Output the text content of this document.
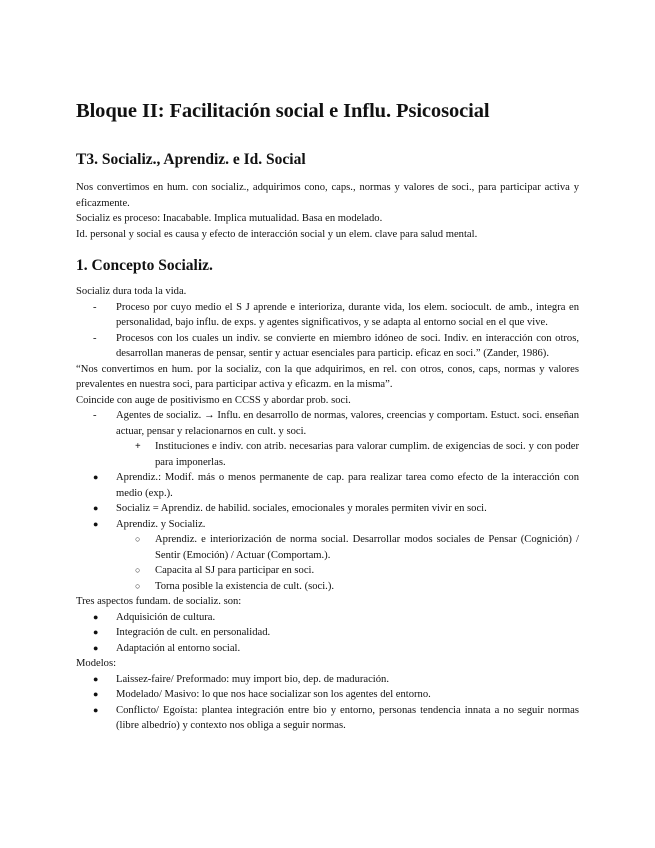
Bloque II: Facilitación social e Influ. Psicosocial
T3. Socializ., Aprendiz. e Id. Social

Nos convertimos en hum. con socializ., adquirimos cono, caps., normas y valores de soci., para participar activa y eficazmente.

Socializ es proceso: Inacabable. Implica mutualidad. Basa en modelado.

Id. personal y social es causa y efecto de interacción social y un elem. clave para salud mental.

1. Concepto Socializ.

Socializ dura toda la vida.

- Proceso por cuyo medio el S J aprende e interioriza, durante vida, los elem. sociocult. de amb., integra en personalidad, bajo influ. de exps. y agentes significativos, y se adapta al entorno social en el que vive.
- Procesos con los cuales un indiv. se convierte en miembro idóneo de soci. Indiv. en interacción con otros, desarrollan maneras de pensar, sentir y actuar esenciales para particip. eficaz en soci.” (Zander, 1986).

“Nos convertimos en hum. por la socializ, con la que adquirimos, en rel. con otros, conos, caps, normas y valores prevalentes en nuestra soci, para participar activa y eficazm. en la misma”.

Coincide con auge de positivismo en CCSS y abordar prob. soci.

- Agentes de socializ. → Influ. en desarrollo de normas, valores, creencias y comportam. Estuct. soci. enseñan actuar, pensar y relacionarnos en cult. y soci.
+ Instituciones e indiv. con atrib. necesarias para valorar cumplim. de exigencias de soci. y con poder para imponerlas.
● Aprendiz.: Modif. más o menos permanente de cap. para realizar tarea como efecto de la interacción con medio (exp.).
● Socializ = Aprendiz. de habilid. sociales, emocionales y morales permiten vivir en soci.
● Aprendiz. y Socializ.
○ Aprendiz. e interiorización de norma social. Desarrollar modos sociales de Pensar (Cognición) / Sentir (Emoción) / Actuar (Comportam.).
○ Capacita al SJ para participar en soci.
○ Torna posible la existencia de cult. (soci.).

Tres aspectos fundam. de socializ. son:

● Adquisición de cultura.
● Integración de cult. en personalidad.
● Adaptación al entorno social.

Modelos:

● Laissez-faire/ Preformado: muy import bio, dep. de maduración.
● Modelado/ Masivo: lo que nos hace socializar son los agentes del entorno.
● Conflicto/ Egoísta: plantea integración entre bio y entorno, personas tendencia innata a no seguir normas (libre albedrío) y contexto nos obliga a seguir normas.
